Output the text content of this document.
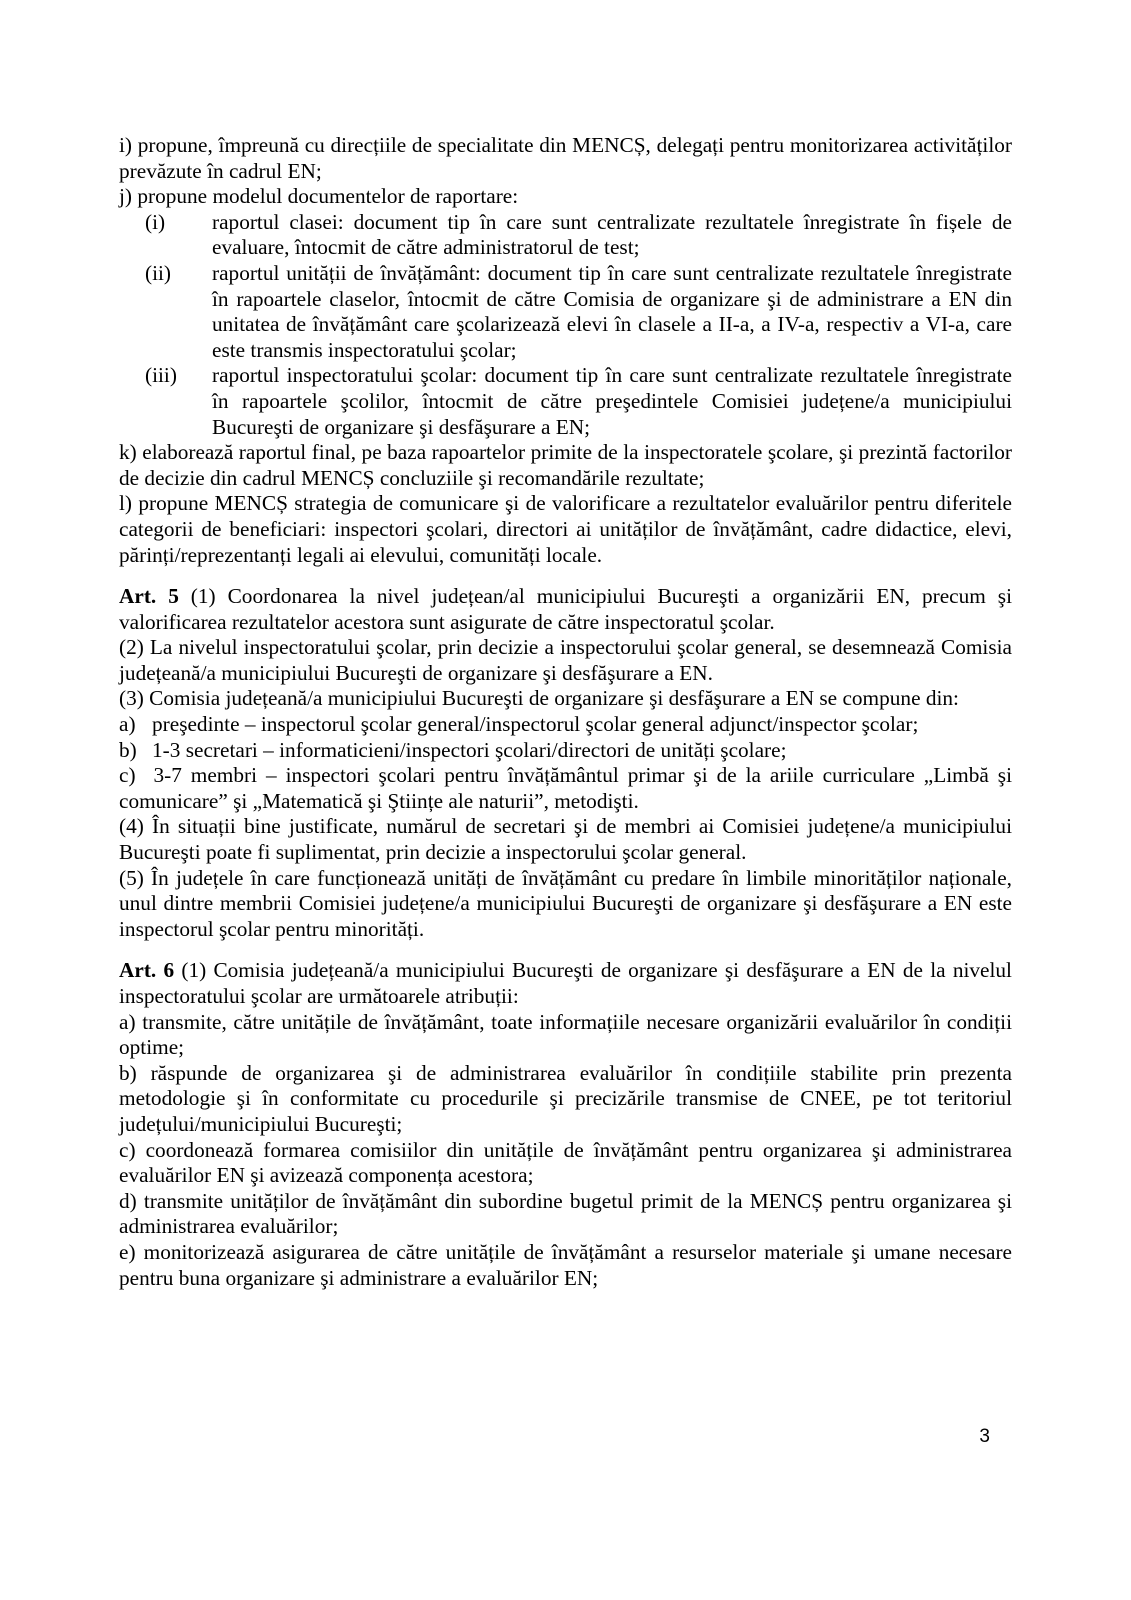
i) propune, împreună cu direcțiile de specialitate din MENCȘ, delegați pentru monitorizarea activităților prevăzute în cadrul EN;

j) propune modelul documentelor de raportare:

(i)	raportul clasei: document tip în care sunt centralizate rezultatele înregistrate în fișele de evaluare, întocmit de către administratorul de test;
(ii)	raportul unității de învățământ: document tip în care sunt centralizate rezultatele înregistrate în rapoartele claselor, întocmit de către Comisia de organizare şi de administrare a EN din unitatea de învățământ care şcolarizează elevi în clasele a II-a, a IV-a, respectiv a VI-a, care este transmis inspectoratului şcolar;
(iii)	raportul inspectoratului şcolar: document tip în care sunt centralizate rezultatele înregistrate în rapoartele şcolilor, întocmit de către preşedintele Comisiei județene/a municipiului Bucureşti de organizare şi desfăşurare a EN;

k) elaborează raportul final, pe baza rapoartelor primite de la inspectoratele şcolare, şi prezintă factorilor de decizie din cadrul MENCȘ concluziile şi recomandările rezultate;

l) propune MENCȘ strategia de comunicare şi de valorificare a rezultatelor evaluărilor pentru diferitele categorii de beneficiari: inspectori şcolari, directori ai unităților de învățământ, cadre didactice, elevi, părinți/reprezentanți legali ai elevului, comunități locale.

Art. 5 (1) Coordonarea la nivel județean/al municipiului Bucureşti a organizării EN, precum şi valorificarea rezultatelor acestora sunt asigurate de către inspectoratul şcolar.

(2) La nivelul inspectoratului şcolar, prin decizie a inspectorului şcolar general, se desemnează Comisia județeană/a municipiului Bucureşti de organizare şi desfăşurare a EN.

(3) Comisia județeană/a municipiului Bucureşti de organizare şi desfăşurare a EN se compune din:

a) preşedinte – inspectorul şcolar general/inspectorul şcolar general adjunct/inspector şcolar;
b) 1-3 secretari – informaticieni/inspectori şcolari/directori de unități şcolare;

c) 3-7 membri – inspectori şcolari pentru învățământul primar şi de la ariile curriculare „Limbă şi comunicare” şi „Matematică şi Ştiințe ale naturii”, metodişti.

(4) În situații bine justificate, numărul de secretari şi de membri ai Comisiei județene/a municipiului Bucureşti poate fi suplimentat, prin decizie a inspectorului şcolar general.

(5) În județele în care funcționează unități de învățământ cu predare în limbile minorităților naționale, unul dintre membrii Comisiei județene/a municipiului Bucureşti de organizare şi desfăşurare a EN este inspectorul şcolar pentru minorități.

Art. 6 (1) Comisia județeană/a municipiului Bucureşti de organizare şi desfăşurare a EN de la nivelul inspectoratului şcolar are următoarele atribuții:

a) transmite, către unitățile de învățământ, toate informațiile necesare organizării evaluărilor în condiții optime;

b) răspunde de organizarea şi de administrarea evaluărilor în condițiile stabilite prin prezenta metodologie şi în conformitate cu procedurile şi precizările transmise de CNEE, pe tot teritoriul județului/municipiului Bucureşti;

c) coordonează formarea comisiilor din unitățile de învățământ pentru organizarea şi administrarea evaluărilor EN şi avizează componența acestora;

d) transmite unităților de învățământ din subordine bugetul primit de la MENCȘ pentru organizarea şi administrarea evaluărilor;

e) monitorizează asigurarea de către unitățile de învățământ a resurselor materiale şi umane necesare pentru buna organizare şi administrare a evaluărilor EN;

3
